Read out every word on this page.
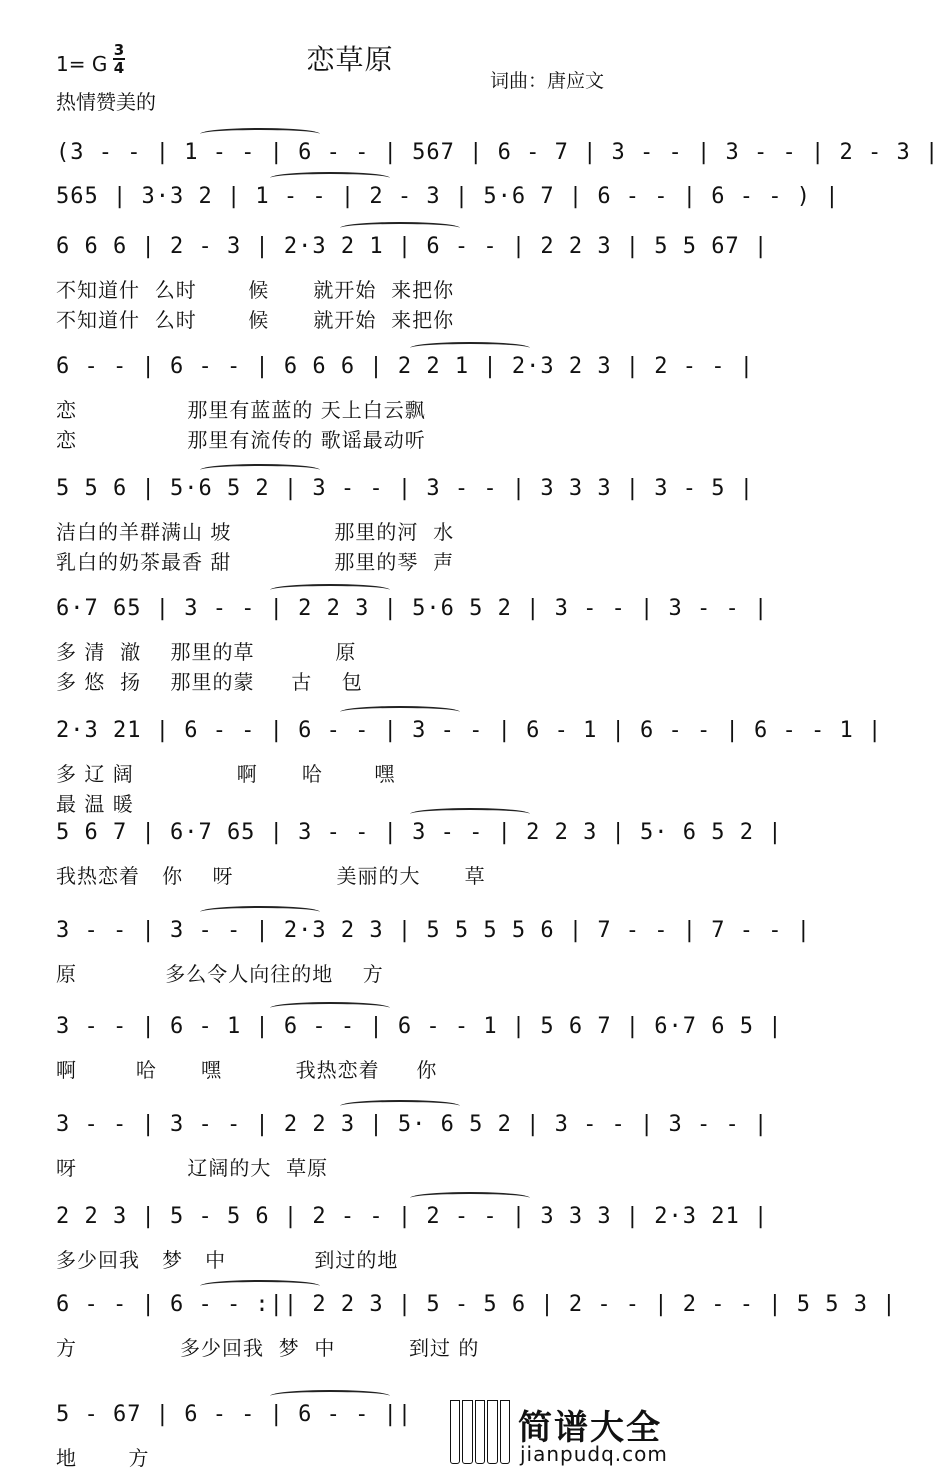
恋草原
1= G
3
4
热情赞美的
词曲：唐应文
(3 - - | 1 - - | 6 - - | 567 | 6 - 7 | 3 - - | 3 - - | 2 - 3 |
565 | 3·3 2 | 1 - - | 2 - 3 | 5·6 7 | 6 - - | 6 - - ) |
6 6 6 | 2 - 3 | 2·3 2 1 | 6 - - | 2 2 3 | 5 5 67 |
不知道什  么时       候      就开始  来把你
不知道什  么时       候      就开始  来把你
6 - - | 6 - - | 6 6 6 | 2 2 1 | 2·3 2 3 | 2 - - |
恋               那里有蓝蓝的 天上白云飘
恋               那里有流传的 歌谣最动听
5 5 6 | 5·6 5 2 | 3 - - | 3 - - | 3 3 3 | 3 - 5 |
洁白的羊群满山 坡              那里的河  水
乳白的奶茶最香 甜              那里的琴  声
6·7 65 | 3 - - | 2 2 3 | 5·6 5 2 | 3 - - | 3 - - |
多 清  澈    那里的草           原
多 悠  扬    那里的蒙     古    包
2·3 21 | 6 - - | 6 - - | 3 - - | 6 - 1 | 6 - - | 6 - - 1 |
多 辽 阔              啊      哈       嘿
最 温 暖
5 6 7 | 6·7 65 | 3 - - | 3 - - | 2 2 3 | 5· 6 5 2 |
我热恋着   你    呀              美丽的大      草
3 - - | 3 - - | 2·3 2 3 | 5 5 5 5 6 | 7 - - | 7 - - |
原            多么令人向往的地    方
3 - - | 6 - 1 | 6 - - | 6 - - 1 | 5 6 7 | 6·7 6 5 |
啊        哈      嘿          我热恋着     你
3 - - | 3 - - | 2 2 3 | 5· 6 5 2 | 3 - - | 3 - - |
呀               辽阔的大  草原
2 2 3 | 5 - 5 6 | 2 - - | 2 - - | 3 3 3 | 2·3 21 |
多少回我   梦   中            到过的地
6 - - | 6 - - :|| 2 2 3 | 5 - 5 6 | 2 - - | 2 - - | 5 5 3 |
方              多少回我  梦  中          到过 的
5 - 67 | 6 - - | 6 - - ||
地       方
简谱大全
jianpudq.com
